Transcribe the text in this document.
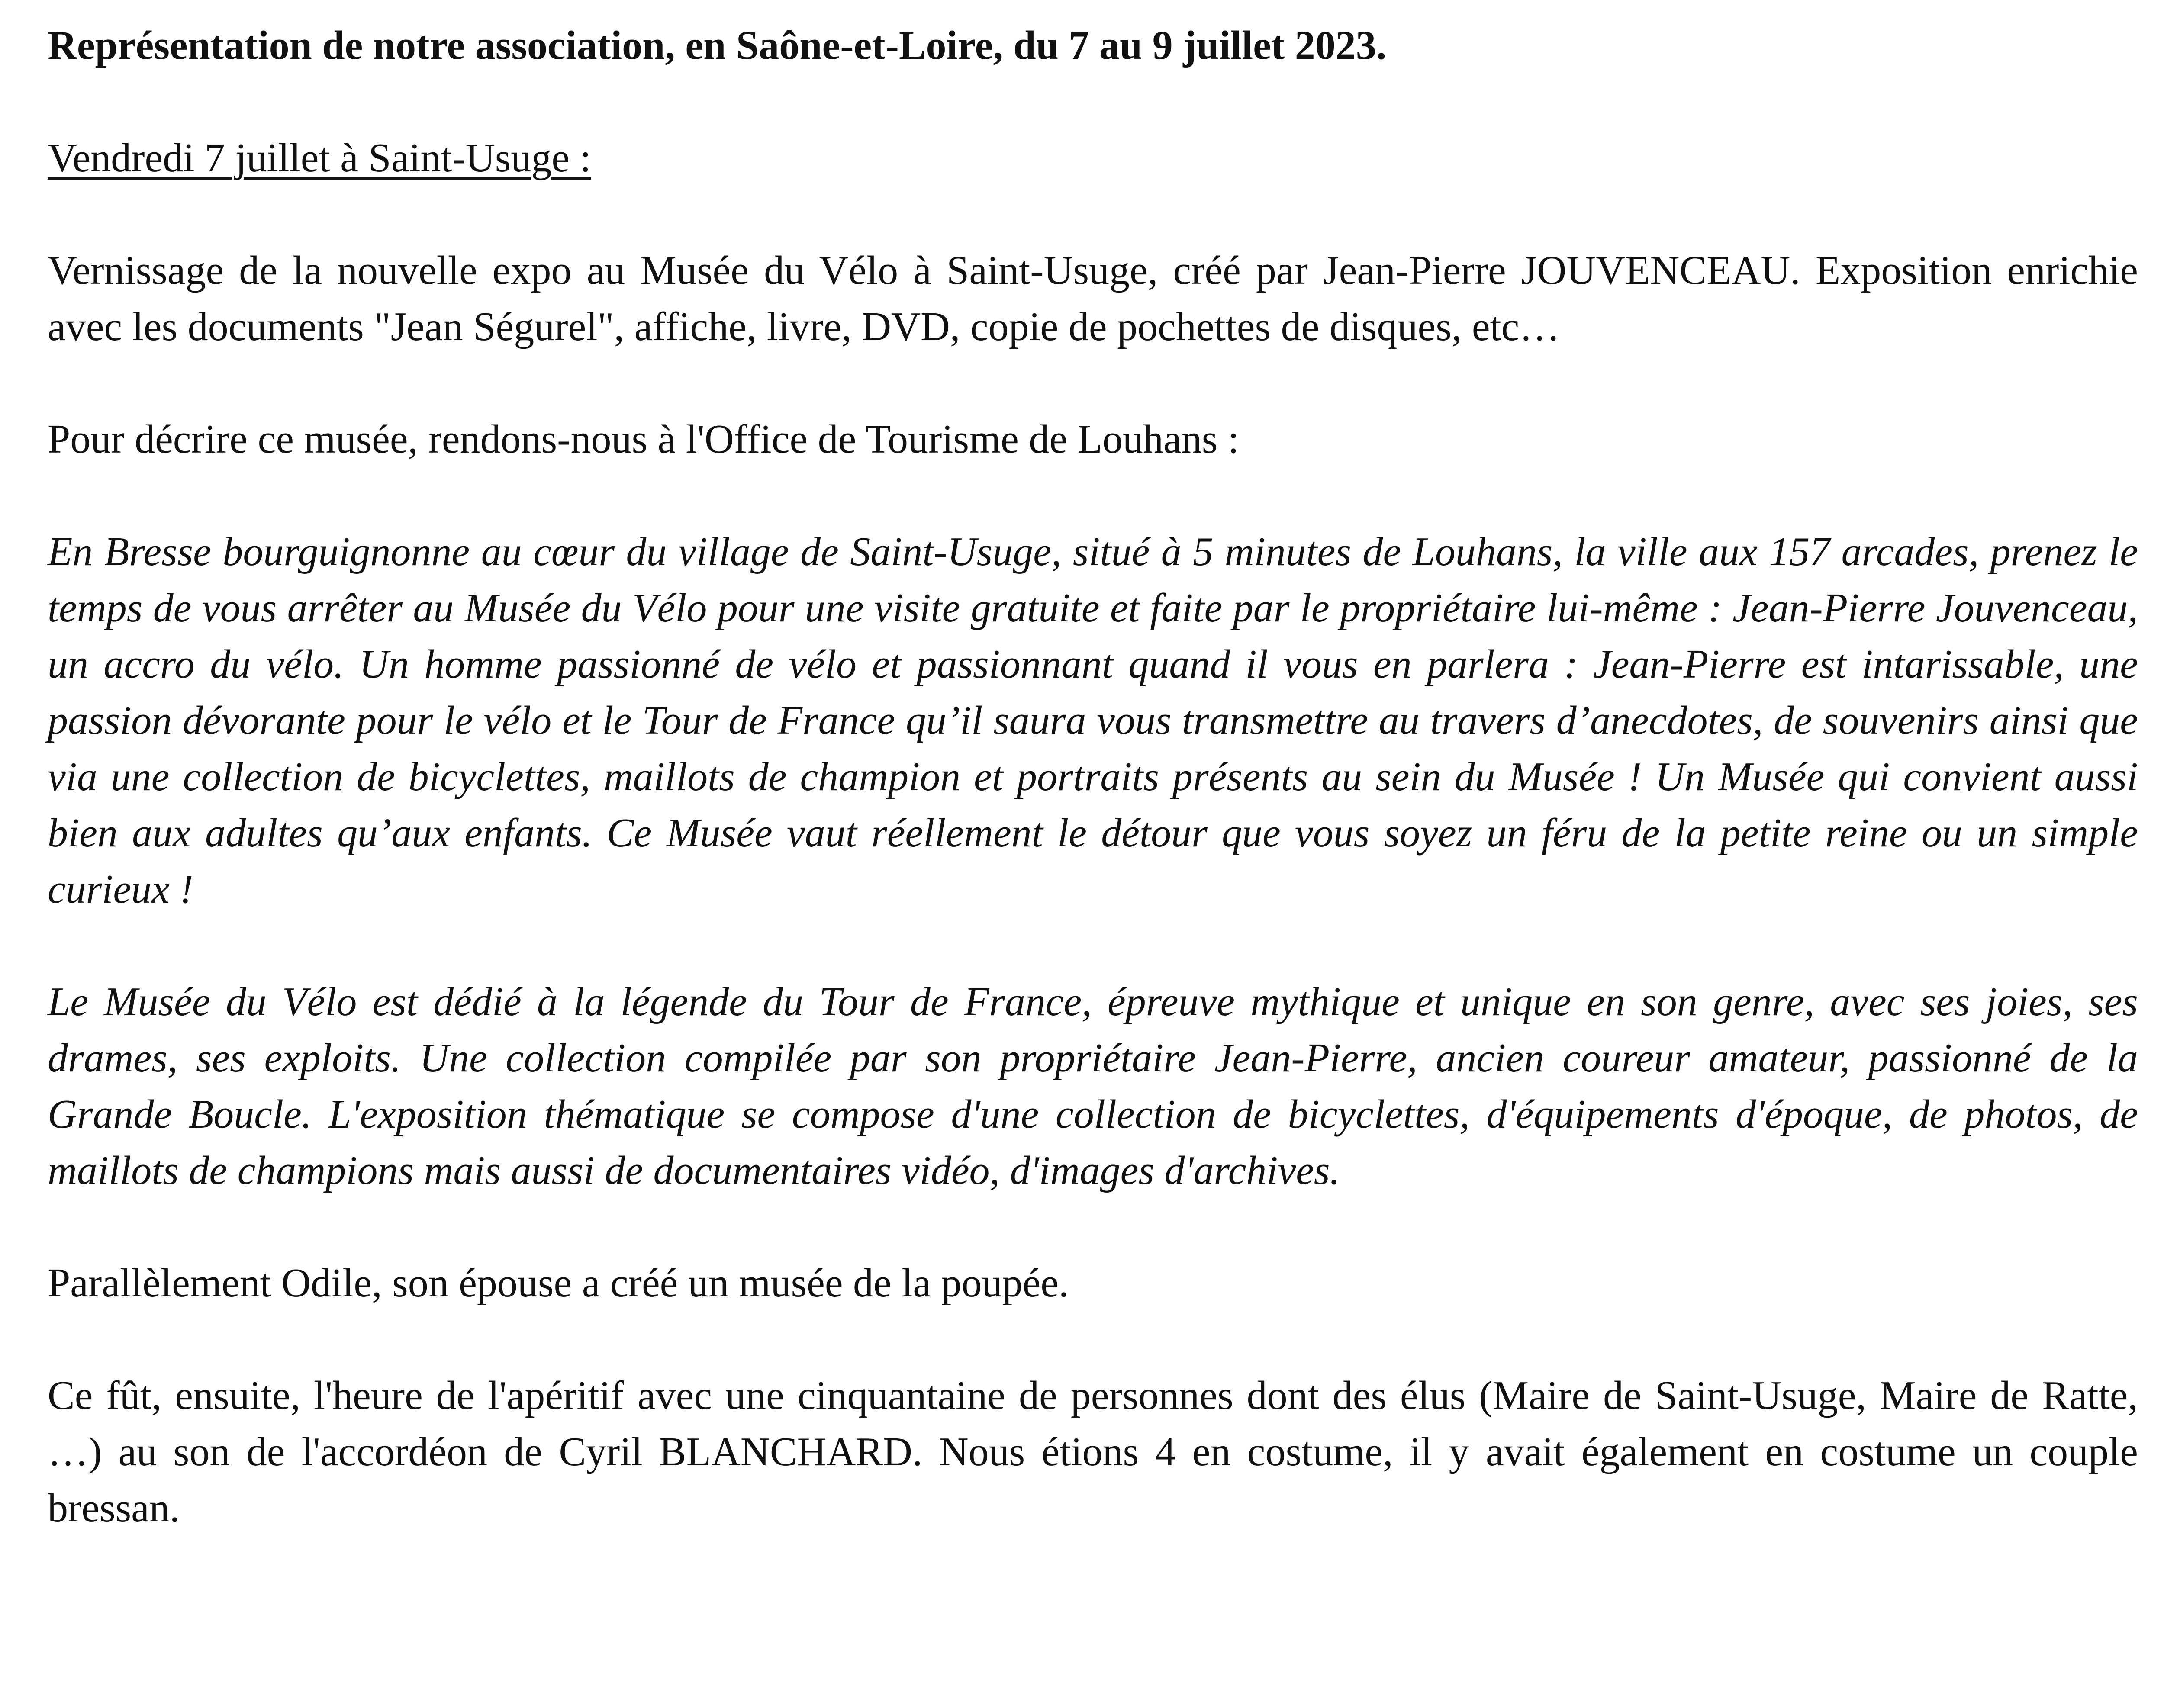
Représentation de notre association, en Saône-et-Loire, du 7 au 9 juillet 2023.

Vendredi 7 juillet à Saint-Usuge :

Vernissage de la nouvelle expo au Musée du Vélo à Saint-Usuge, créé par Jean-Pierre JOUVENCEAU. Exposition enrichie avec les documents "Jean Ségurel", affiche, livre, DVD, copie de pochettes de disques, etc…

Pour décrire ce musée, rendons-nous à l'Office de Tourisme de Louhans :

En Bresse bourguignonne au cœur du village de Saint-Usuge, situé à 5 minutes de Louhans, la ville aux 157 arcades, prenez le temps de vous arrêter au Musée du Vélo pour une visite gratuite et faite par le propriétaire lui-même : Jean-Pierre Jouvenceau, un accro du vélo. Un homme passionné de vélo et passionnant quand il vous en parlera : Jean-Pierre est intarissable, une passion dévorante pour le vélo et le Tour de France qu’il saura vous transmettre au travers d’anecdotes, de souvenirs ainsi que via une collection de bicyclettes, maillots de champion et portraits présents au sein du Musée ! Un Musée qui convient aussi bien aux adultes qu’aux enfants. Ce Musée vaut réellement le détour que vous soyez un féru de la petite reine ou un simple curieux !

Le Musée du Vélo est dédié à la légende du Tour de France, épreuve mythique et unique en son genre, avec ses joies, ses drames, ses exploits. Une collection compilée par son propriétaire Jean-Pierre, ancien coureur amateur, passionné de la Grande Boucle. L'exposition thématique se compose d'une collection de bicyclettes, d'équipements d'époque, de photos, de maillots de champions mais aussi de documentaires vidéo, d'images d'archives.

Parallèlement Odile, son épouse a créé un musée de la poupée.

Ce fût, ensuite, l'heure de l'apéritif avec une cinquantaine de personnes dont des élus (Maire de Saint-Usuge, Maire de Ratte, …) au son de l'accordéon de Cyril BLANCHARD. Nous étions 4 en costume, il y avait également en costume un couple bressan.
